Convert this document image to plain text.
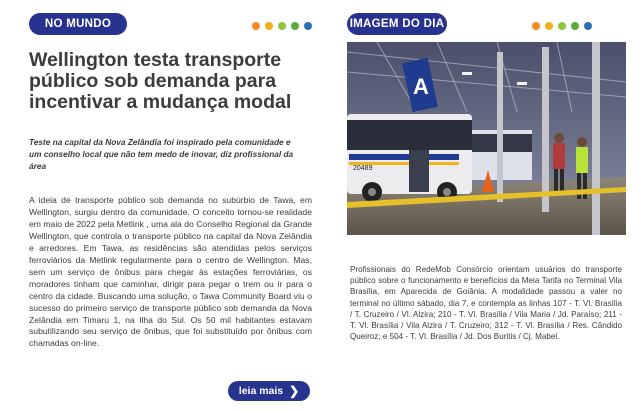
NO MUNDO
Wellington testa transporte público sob demanda para incentivar a mudança modal

Teste na capital da Nova Zelândia foi inspirado pela comunidade e um conselho local que não tem medo de inovar, diz profissional da área

A ideia de transporte público sob demanda no subúrbio de Tawa, em Wellington, surgiu dentro da comunidade. O conceito tornou-se realidade em maio de 2022 pela Metlink , uma ala do Conselho Regional da Grande Wellington, que controla o transporte público na capital da Nova Zelândia e arredores. Em Tawa, as residências são atendidas pelos serviços ferroviários da Metlink regularmente para o centro de Wellington. Mas, sem um serviço de ônibus para chegar às estações ferroviárias, os moradores tinham que caminhar, dirigir para pegar o trem ou ir para o centro da cidade. Buscando uma solução, o Tawa Community Board viu o sucesso do primeiro serviço de transporte público sob demanda da Nova Zelândia em Timaru 1, na Ilha do Sul. Os 50 mil habitantes estavam subutilizando seu serviço de ônibus, que foi substituído por ônibus com chamadas on-line.

leia mais ❯
IMAGEM DO DIA
20489
A

Profissionais do RedeMob Consórcio orientam usuários do transporte público sobre o funcionamento e benefícios da Meia Tarifa no Terminal Vila Brasília, em Aparecida de Goiânia. A modalidade passou a valer no terminal no último sábado, dia 7, e contempla as linhas 107 - T. Vl. Brasília / T. Cruzeiro / Vl. Alzira; 210 - T. Vl. Brasília / Vila Maria / Jd. Paraíso; 211 - T. Vl. Brasília / Vila Alzira / T. Cruzeiro; 312 - T. Vl. Brasília / Res. Cândido Queiroz; e 504 - T. Vl. Brasília / Jd. Dos Buritis / Cj. Mabel.
